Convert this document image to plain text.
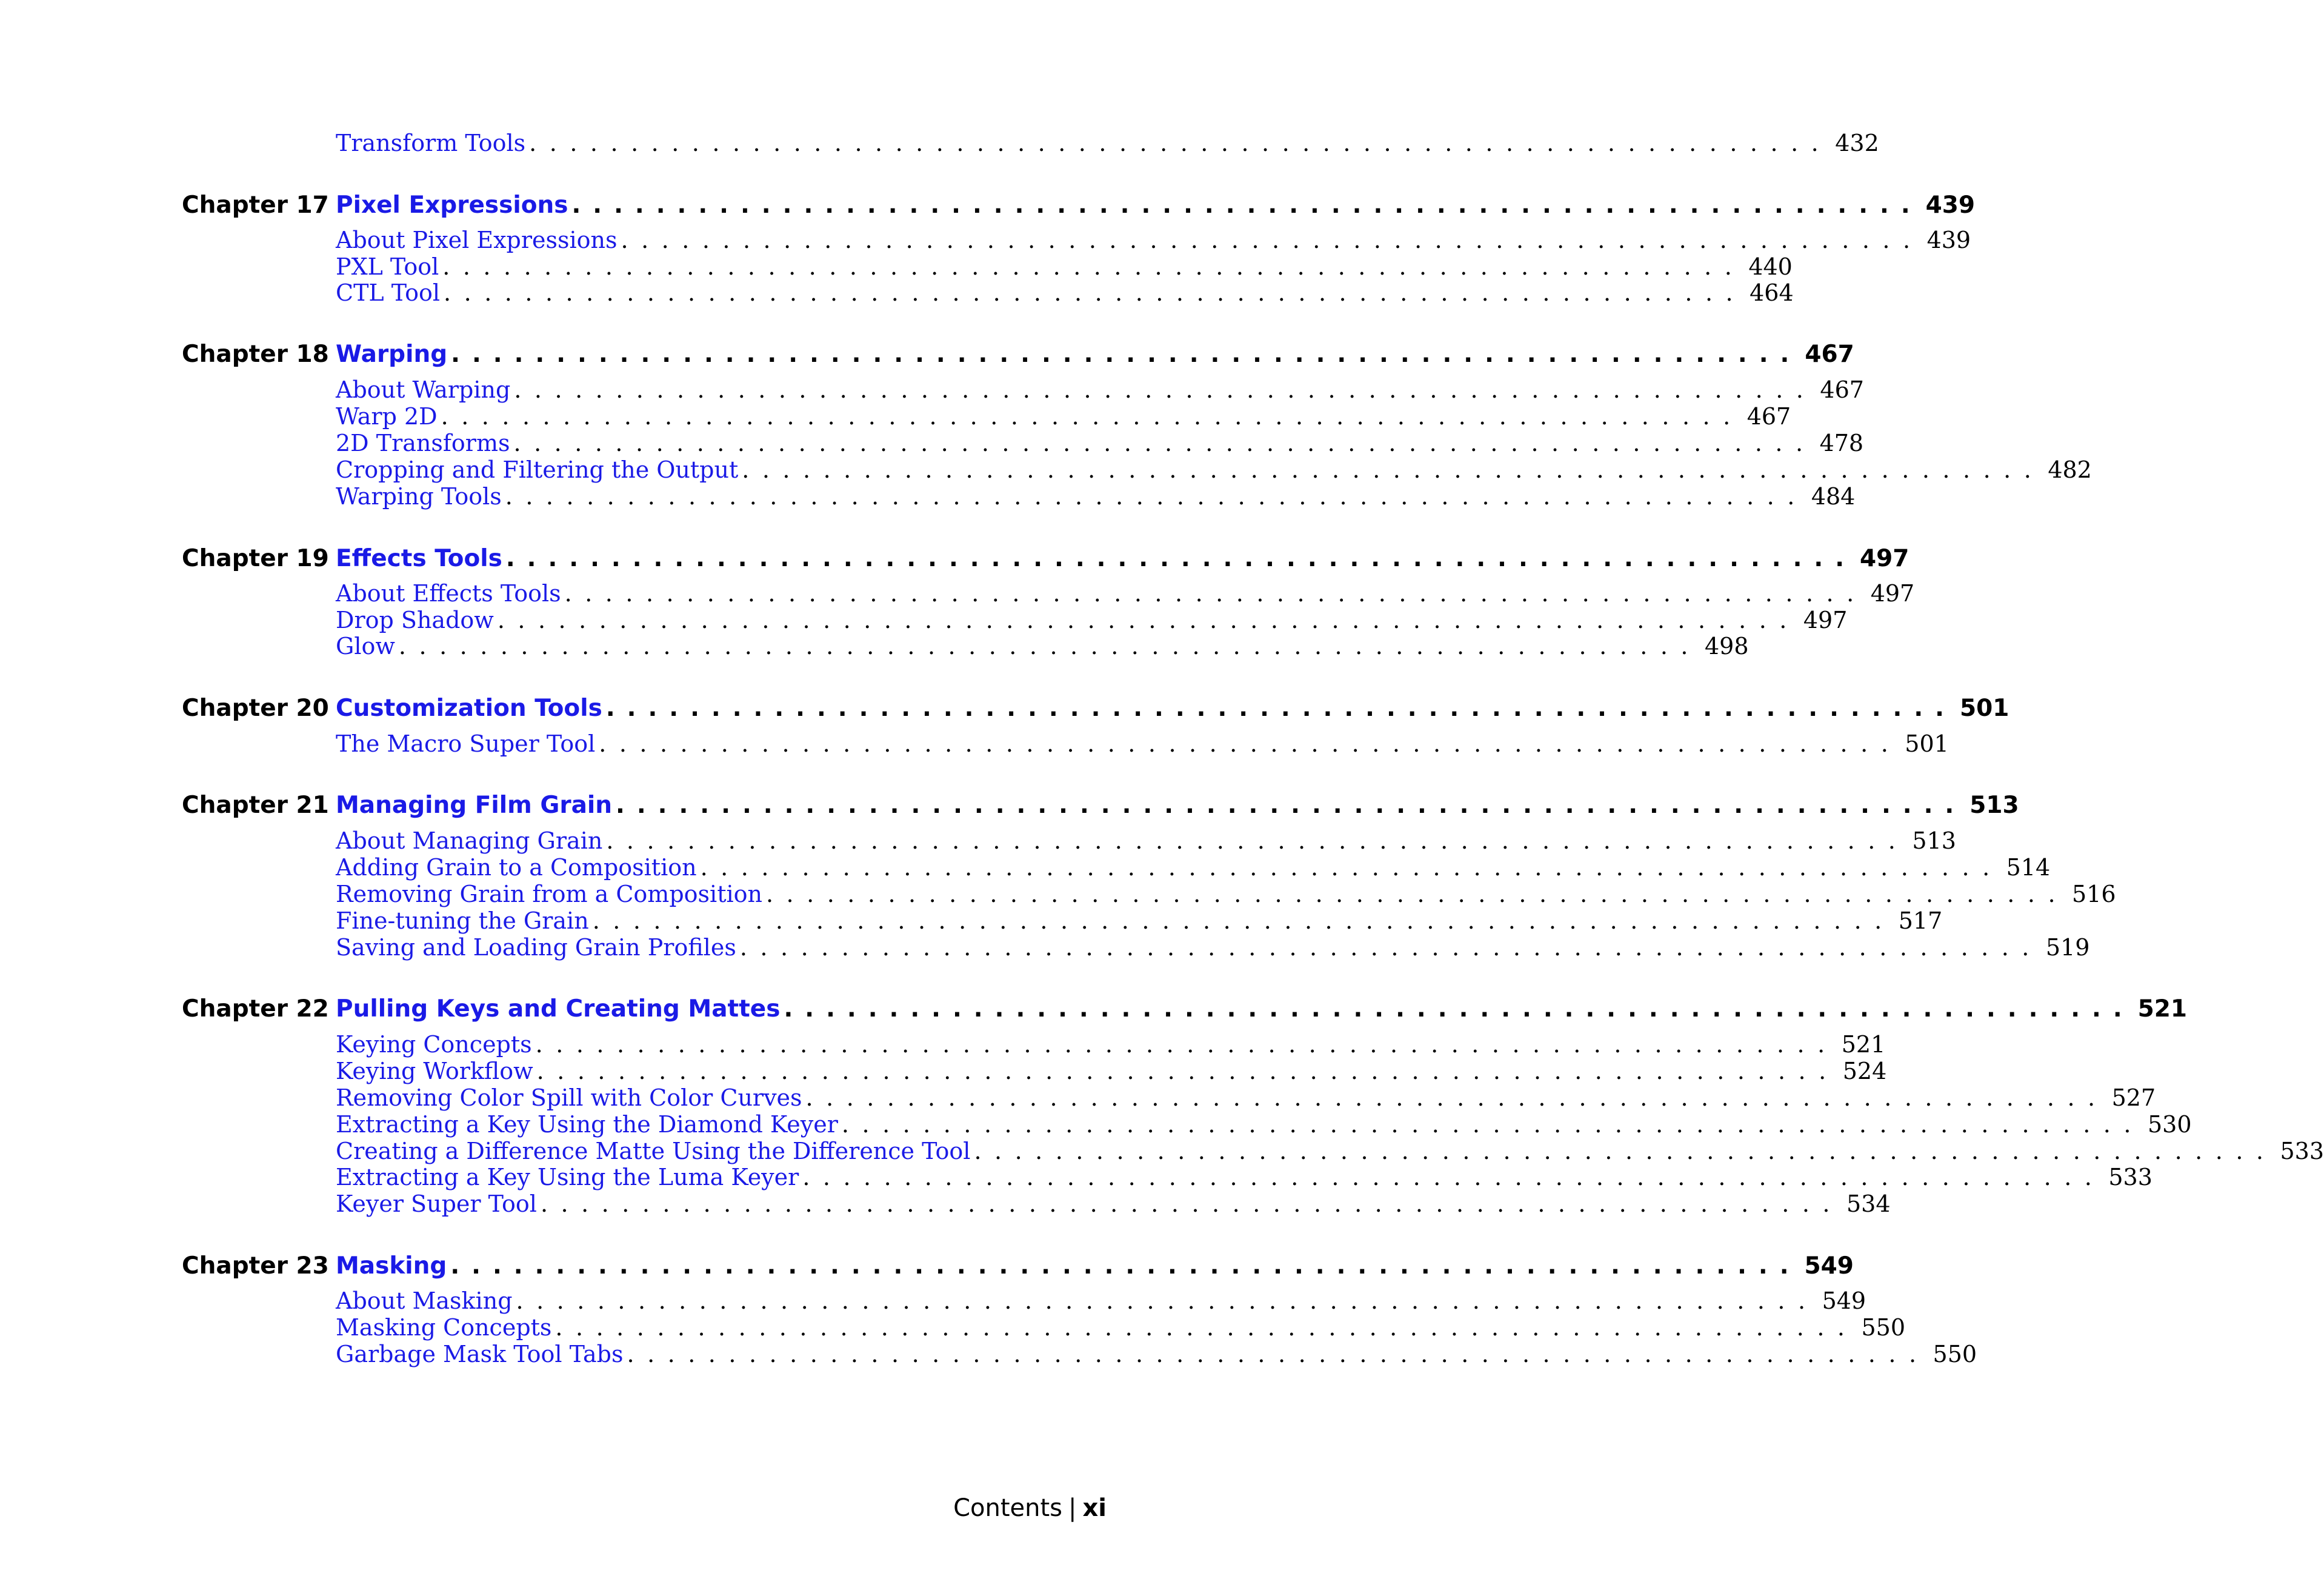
Transform Tools ................................................................ 432
Pixel Expressions ................................................................ 439
Chapter 17
About Pixel Expressions ................................................................ 439
PXL Tool ................................................................ 440
CTL Tool ................................................................ 464
Warping ................................................................ 467
Chapter 18
About Warping ................................................................ 467
Warp 2D ................................................................ 467
2D Transforms ................................................................ 478
Cropping and Filtering the Output ................................................................ 482
Warping Tools ................................................................ 484
Effects Tools ................................................................ 497
Chapter 19
About Effects Tools ................................................................ 497
Drop Shadow ................................................................ 497
Glow ................................................................ 498
Customization Tools ................................................................ 501
Chapter 20
The Macro Super Tool ................................................................ 501
Managing Film Grain ................................................................ 513
Chapter 21
About Managing Grain ................................................................ 513
Adding Grain to a Composition ................................................................ 514
Removing Grain from a Composition ................................................................ 516
Fine-tuning the Grain ................................................................ 517
Saving and Loading Grain Profiles ................................................................ 519
Pulling Keys and Creating Mattes ................................................................ 521
Chapter 22
Keying Concepts ................................................................ 521
Keying Workflow ................................................................ 524
Removing Color Spill with Color Curves ................................................................ 527
Extracting a Key Using the Diamond Keyer ................................................................ 530
Creating a Difference Matte Using the Difference Tool ................................................................ 533
Extracting a Key Using the Luma Keyer ................................................................ 533
Keyer Super Tool ................................................................ 534
Masking ................................................................ 549
Chapter 23
About Masking ................................................................ 549
Masking Concepts ................................................................ 550
Garbage Mask Tool Tabs ................................................................ 550
Contents | xi
